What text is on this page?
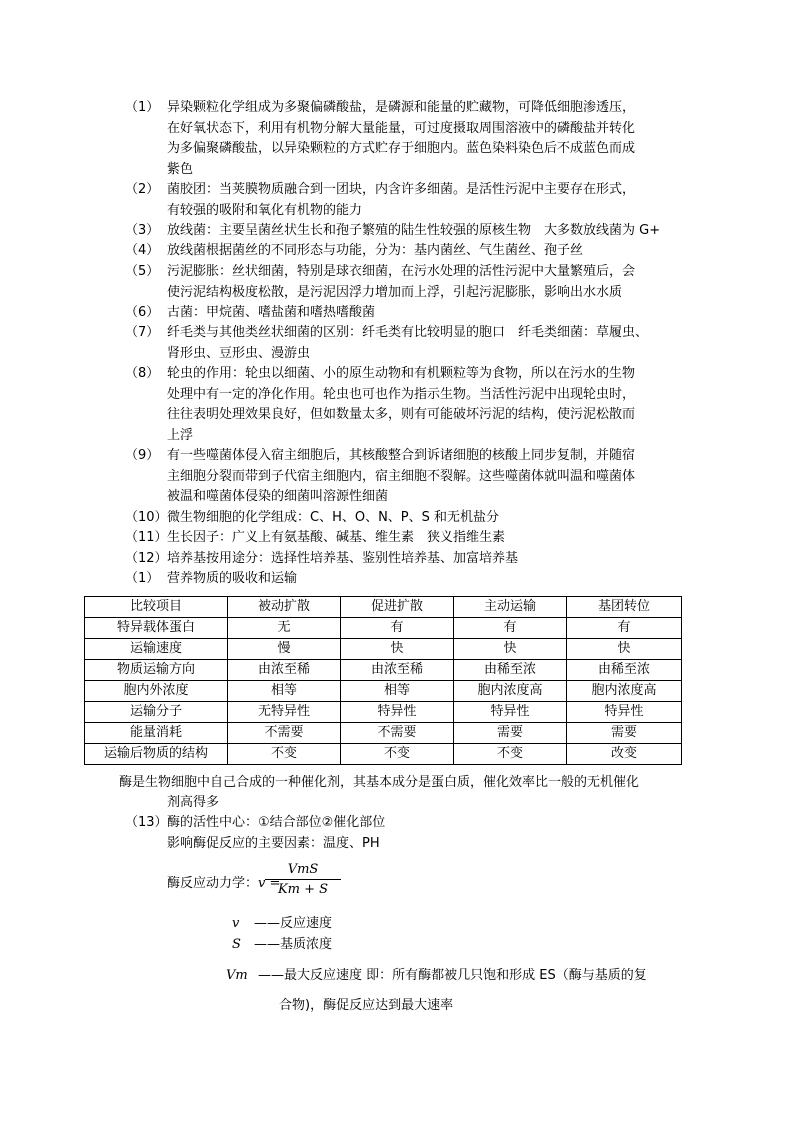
（1） 异染颗粒化学组成为多聚偏磷酸盐，是磷源和能量的贮藏物，可降低细胞渗透压，
在好氧状态下，利用有机物分解大量能量，可过度摄取周围溶液中的磷酸盐并转化
为多偏聚磷酸盐，以异染颗粒的方式贮存于细胞内。蓝色染料染色后不成蓝色而成
紫色
（2） 菌胶团：当荚膜物质融合到一团块，内含许多细菌。是活性污泥中主要存在形式，
有较强的吸附和氧化有机物的能力
（3） 放线菌：主要呈菌丝状生长和孢子繁殖的陆生性较强的原核生物　大多数放线菌为 G+
（4） 放线菌根据菌丝的不同形态与功能，分为：基内菌丝、气生菌丝、孢子丝
（5） 污泥膨胀：丝状细菌，特别是球衣细菌，在污水处理的活性污泥中大量繁殖后，会
使污泥结构极度松散，是污泥因浮力增加而上浮，引起污泥膨胀，影响出水水质
（6） 古菌：甲烷菌、嗜盐菌和嗜热嗜酸菌
（7） 纤毛类与其他类丝状细菌的区别：纤毛类有比较明显的胞口　纤毛类细菌：草履虫、
肾形虫、豆形虫、漫游虫
（8） 轮虫的作用：轮虫以细菌、小的原生动物和有机颗粒等为食物，所以在污水的生物
处理中有一定的净化作用。轮虫也可也作为指示生物。当活性污泥中出现轮虫时，
往往表明处理效果良好，但如数量太多，则有可能破坏污泥的结构，使污泥松散而
上浮
（9） 有一些噬菌体侵入宿主细胞后，其核酸整合到诉诸细胞的核酸上同步复制，并随宿
主细胞分裂而带到子代宿主细胞内，宿主细胞不裂解。这些噬菌体就叫温和噬菌体
被温和噬菌体侵染的细菌叫溶源性细菌
（10） 微生物细胞的化学组成：C、H、O、N、P、S 和无机盐分
（11） 生长因子：广义上有氨基酸、碱基、维生素　狭义指维生素
（12） 培养基按用途分：选择性培养基、鉴别性培养基、加富培养基
（1） 营养物质的吸收和运输
比较项目	被动扩散	促进扩散	主动运输	基团转位
特异载体蛋白	无	有	有	有
运输速度	慢	快	快	快
物质运输方向	由浓至稀	由浓至稀	由稀至浓	由稀至浓
胞内外浓度	相等	相等	胞内浓度高	胞内浓度高
运输分子	无特异性	特异性	特异性	特异性
能量消耗	不需要	不需要	需要	需要
运输后物质的结构	不变	不变	不变	改变
酶是生物细胞中自己合成的一种催化剂，其基本成分是蛋白质，催化效率比一般的无机催化
剂高得多
（13） 酶的活性中心：①结合部位②催化部位
影响酶促反应的主要因素：温度、PH
酶反应动力学：v =
VmS
Km + S
v ——反应速度
S ——基质浓度
Vm ——最大反应速度 即：所有酶都被几只饱和形成 ES（酶与基质的复
合物)，酶促反应达到最大速率
